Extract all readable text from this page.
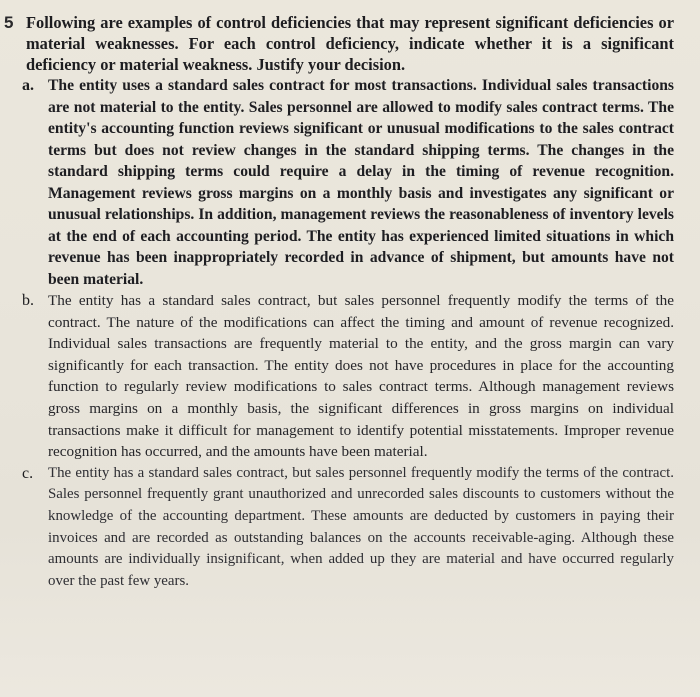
5 Following are examples of control deficiencies that may represent significant deficiencies or material weaknesses. For each control deficiency, indicate whether it is a significant deficiency or material weakness. Justify your decision.

a. The entity uses a standard sales contract for most transactions. Individual sales transactions are not material to the entity. Sales personnel are allowed to modify sales contract terms. The entity's accounting function reviews significant or unusual modifications to the sales contract terms but does not review changes in the standard shipping terms. The changes in the standard shipping terms could require a delay in the timing of revenue recognition. Management reviews gross margins on a monthly basis and investigates any significant or unusual relationships. In addition, management reviews the reasonableness of inventory levels at the end of each accounting period. The entity has experienced limited situations in which revenue has been inappropriately recorded in advance of shipment, but amounts have not been material.

b. The entity has a standard sales contract, but sales personnel frequently modify the terms of the contract. The nature of the modifications can affect the timing and amount of revenue recognized. Individual sales transactions are frequently material to the entity, and the gross margin can vary significantly for each transaction. The entity does not have procedures in place for the accounting function to regularly review modifications to sales contract terms. Although management reviews gross margins on a monthly basis, the significant differences in gross margins on individual transactions make it difficult for management to identify potential misstatements. Improper revenue recognition has occurred, and the amounts have been material.

c. The entity has a standard sales contract, but sales personnel frequently modify the terms of the contract. Sales personnel frequently grant unauthorized and unrecorded sales discounts to customers without the knowledge of the accounting department. These amounts are deducted by customers in paying their invoices and are recorded as outstanding balances on the accounts receivable-aging. Although these amounts are individually insignificant, when added up they are material and have occurred regularly over the past few years.
